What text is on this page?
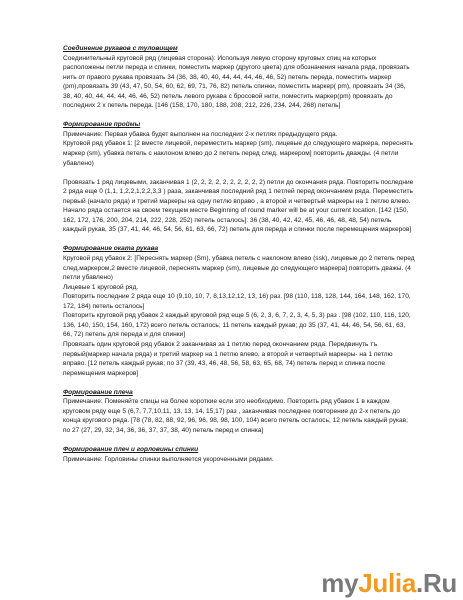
Соединение рукавов с туловищем

Соединительный круговой ряд (лицевая сторона): Используя левую сторону круговых спиц на которых расположены петли переда и спинки, поместить маркер (другого цвета) для обозначения начала ряда, провязать нить от правого рукава провязать 34 (36, 38, 40, 40, 44, 44, 44, 46, 46, 52) петель переда, поместить маркер (pm),провязать 39 (43, 47, 50, 54, 60, 62, 69, 71, 76, 82) петель спинки, поместить маркер( pm), провязать 34 (36, 38, 40, 40, 44, 44, 44, 46, 46, 52) петель левого рукава с бросовой нити, поместить маркер(pm) провязать до последних 2 х петель переда. [146 (158, 170, 180, 188, 208, 212, 226, 234, 244, 268) петель]

Формирование проймы

Примечание: Первая убавка будет выполнен на последних 2-х петлях предыдущего ряда.

Круговой ряд убавок 1: [2 вместе лицевой, переместить маркер (sm), лицевые до следующего маркера, переснять маркер (sm), убавка петель с наклоном влево до 2 петель перед след. маркером] повторить дважды. (4 петли убавлено)

Провязать 1 ряд лицевыми, заканчивая 1 (2, 2, 2, 2, 2, 2, 2, 2, 2, 2) петли до окончания ряда. Повторить последние 2 ряда еще 0 (1,1, 1,2,2,1,2,2,3,3 ) раза, заканчивая последний ряд 1 петлей перед окончанием ряда. Переместить первый (начало ряда) и третий маркеры на одну петлю вправо , а второй и четвертый маркеры на 1 петлю влево. Начало ряда остается на своем текущем месте Beginning of round marker will be at your current location. [142 (150, 162, 172, 176, 200, 204, 214, 222, 228, 252) петель осталось]: 36 (38, 40, 42, 42, 45, 46, 46, 48, 48, 54) петель каждый рукав, 35 (37, 41, 44, 46, 54, 56, 61, 63, 66, 72) петель для переда и спинки после перемещения маркеров]

Формирование оката рукава

Круговой ряд убавок 2: [Переснять маркер (Sm), убавка петель с наклоном влево (ssk), лицевые до 2 петель перед след.маркером,2 вместе лицевой, переснять маркер (sm), лицевые до следующего маркера] повторить дважы. (4 петли убавлено)

Лицевые 1 круговой ряд.

Повторить последние 2 ряда еще 10 (9,10, 10, 7, 8,13,12,12, 13, 16) раз. [98 (110, 118, 128, 144, 164, 148, 162, 170, 172, 184) петель осталось]

Повторить круговой ряд убавок 2 каждый круговой ряд еще 5 (6, 2, 3, 6, 7, 2, 3, 4, 5, 3) раз . [98 (102, 110, 116, 120, 136, 140, 150, 154, 160, 172) всего петель осталось; 11 петель каждый рукав; до 35 (37, 41, 44, 46, 54, 56, 61, 63, 66, 72) петель для переда и для спинки]

Провязать один круговой ряд убавок 2 заканчивая за 1 петлю перед окончанием ряда. Передвинуть тъ первый(маркер начала ряда) и третий маркер на 1 петлю влево, а второй и четвертый маркеры- на 1 петлю вправо. [12 петель каждый рукав; по 37 (39, 43, 46, 48, 56, 58, 63, 65, 68, 74) петель перед и спинка после перемещения маркеров]

Формирование плеча

Примечание: Поменяйте спицы на более короткие если это необходимо. Повторить ряд убавок 1 в каждом круговом ряду еще 5 (6,7, 7,7,10,11, 13, 13, 14, 15,17) раз , заканчивая последнее повторение до 2-х петель до конца кругового ряда. [78 (78, 82, 88, 92, 96, 96, 98, 98, 100, 104) всего петель осталось; 12 петель каждый рукав; по 27 (27, 29, 32, 34, 36, 36, 37, 37, 38, 40) петель перед и спинка]

Формирование плеч и горловины спинки

Примечание: Горловины спинки выполняется укороченными рядами.

myJulia.Ru
